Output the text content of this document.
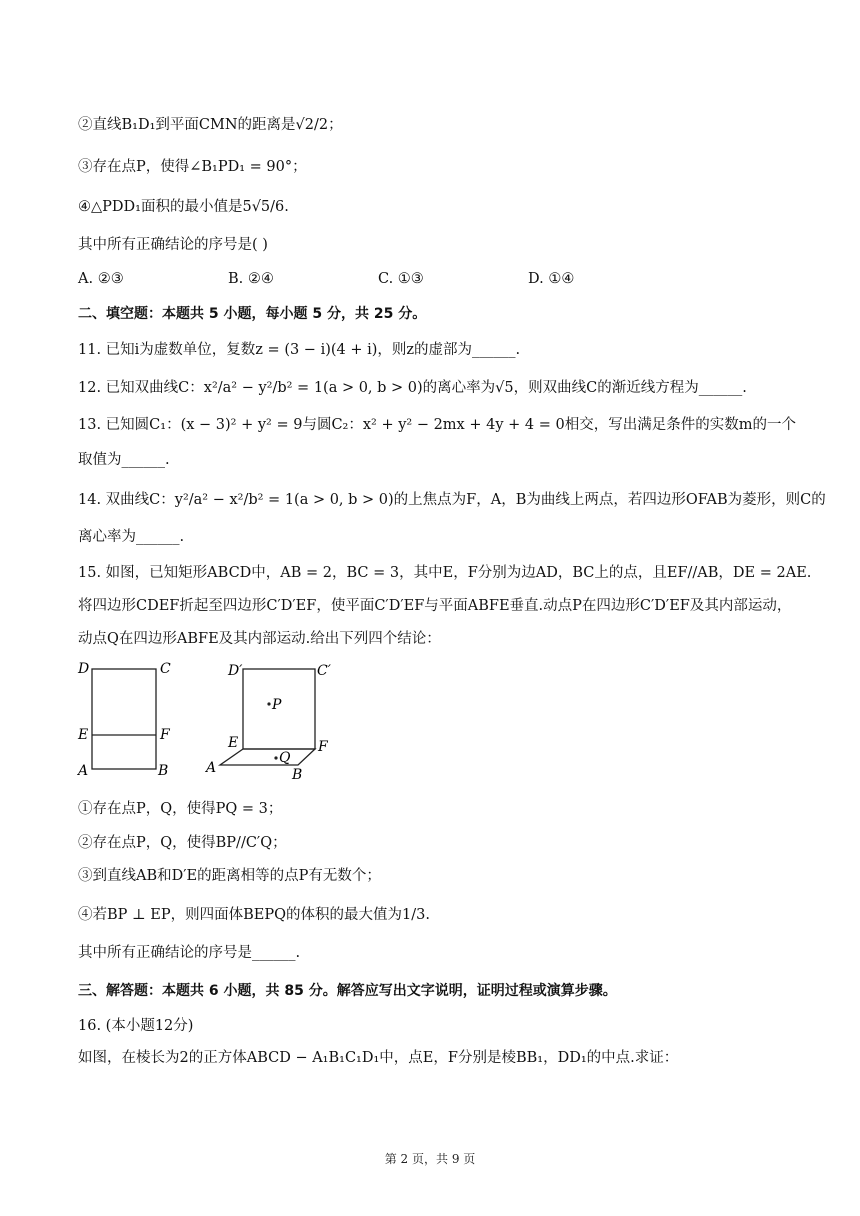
②直线B₁D₁到平面CMN的距离是√2/2；
③存在点P，使得∠B₁PD₁ = 90°；
④△PDD₁面积的最小值是5√5/6.
其中所有正确结论的序号是( )
A. ②③	B. ②④	C. ①③	D. ①④
二、填空题：本题共 5 小题，每小题 5 分，共 25 分。
11. 已知i为虚数单位，复数z = (3 − i)(4 + i)，则z的虚部为______.
12. 已知双曲线C：x²/a² − y²/b² = 1(a > 0, b > 0)的离心率为√5，则双曲线C的渐近线方程为______.
13. 已知圆C₁：(x − 3)² + y² = 9与圆C₂：x² + y² − 2mx + 4y + 4 = 0相交，写出满足条件的实数m的一个
取值为______.
14. 双曲线C：y²/a² − x²/b² = 1(a > 0, b > 0)的上焦点为F，A，B为曲线上两点，若四边形OFAB为菱形，则C的
离心率为______.
15. 如图，已知矩形ABCD中，AB = 2，BC = 3，其中E，F分别为边AD，BC上的点，且EF//AB，DE = 2AE.
将四边形CDEF折起至四边形C′D′EF，使平面C′D′EF与平面ABFE垂直.动点P在四边形C′D′EF及其内部运动，
动点Q在四边形ABFE及其内部运动.给出下列四个结论：
D	C
E	F
A	B
D′	C′
P
E
Q
F
A	B
①存在点P，Q，使得PQ = 3；
②存在点P，Q，使得BP//C′Q；
③到直线AB和D′E的距离相等的点P有无数个；
④若BP ⊥ EP，则四面体BEPQ的体积的最大值为1/3.
其中所有正确结论的序号是______.
三、解答题：本题共 6 小题，共 85 分。解答应写出文字说明，证明过程或演算步骤。
16. (本小题12分)
如图，在棱长为2的正方体ABCD − A₁B₁C₁D₁中，点E，F分别是棱BB₁，DD₁的中点.求证：
第 2 页，共 9 页
